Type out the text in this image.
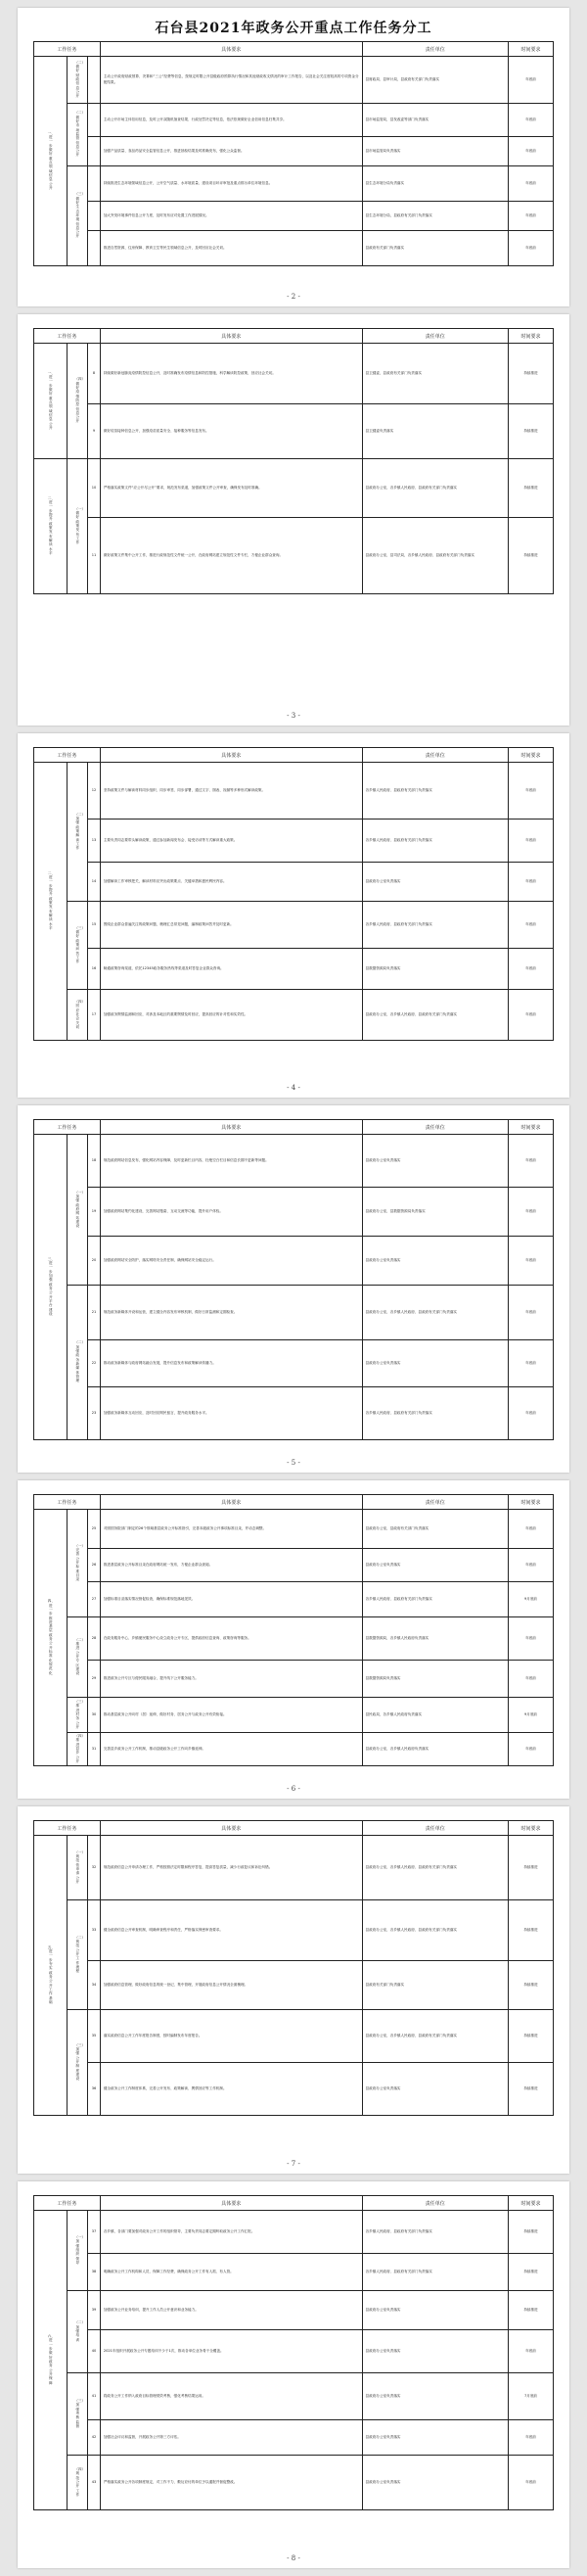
石台县2021年政务公开重点工作任务分工
工作任务			具体要求	责任单位	时间要求
一、进一步做好重点领域信息公开	（二）做好财政信息公开		主动公开政府财政预算、决算和“三公”经费等信息，按规定时限公开县级政府预算执行情况和其他财政收支情况的审计工作报告，以及社会关注度较高的专项资金分配结果。	县财政局、县审计局，县政府有关部门负责落实	年底前
	（二）做好市场监管信息公开		主动公开市场主体信用信息，及时公开双随机抽查结果、行政处罚决定等信息，依法依规做好企业信用信息归集共享。	县市场监管局，县发改委等部门负责落实	年底前
			加强产品质量、食品药品安全监管信息公开，推进抽检结果及时准确发布，强化公众监督。	县市场监管局负责落实	年底前
	（三）做好生态环境信息公开		持续推进生态环境领域信息公开，公开空气质量、水环境质量、建设项目环评审批及重点排污单位环境信息。	县生态环境分局负责落实	年底前
			加大突发环境事件信息公开力度，及时发布应对处置工作进展情况。	县生态环境分局，县政府有关部门负责落实	年底前
			推进自然资源、住房保障、教育卫生等民生领域信息公开，及时回应社会关切。	县政府有关部门负责落实	年底前
- 2 -
工作任务			具体要求	责任单位	时间要求
一、进一步做好重点领域信息公开	（四）做好疫情防控信息公开	8	持续做好新冠肺炎疫情防控信息公开，及时准确发布疫情信息和防控措施，科学解读防控政策，回应社会关切。	县卫健委，县政府有关部门负责落实	持续推进
		9	做好疫苗接种信息公开，加强疫苗质量安全、接种服务等信息发布。	县卫健委负责落实	持续推进
二、进一步提升政策发布解读水平	（一）做好政策发布工作	10	严格落实政策文件“应公开尽公开”要求，规范发布渠道，加强政策文件公开审查，确保发布及时准确。	县政府办公室，各乡镇人民政府、县政府有关部门负责落实	持续推进
		11	做好政策文件集中公开工作，推进行政规范性文件统一公开，在政府网站建立规范性文件专栏，方便企业群众查询。	县政府办公室，县司法局，各乡镇人民政府、县政府有关部门负责落实	持续推进
- 3 -
工作任务			具体要求	责任单位	时间要求
二、进一步提升政策发布解读水平	（二）加强政策解读工作	12	坚持政策文件与解读材料同步组织、同步审签、同步部署，通过文字、图表、视频等多种形式解读政策。	各乡镇人民政府、县政府有关部门负责落实	年底前
		13	主要负责同志要带头解读政策，通过参加新闻发布会、接受访谈等方式解读重大政策。	各乡镇人民政府、县政府有关部门负责落实	年底前
		14	加强解读工作审核把关，解读材料应突出政策要点、关键举措和惠民利民内容。	县政府办公室负责落实	年底前
	（三）做好政策问答工作	15	围绕企业群众普遍关注的政策问题，梳理汇总常见问题，编制政策问答并及时更新。	各乡镇人民政府、县政府有关部门负责落实	年底前
		16	畅通政策咨询渠道，依托12345政务服务热线等渠道及时答复企业群众咨询。	县数据资源局负责落实	年底前
	（四）回应社会关切	17	加强政务舆情监测和回应，对涉及本地区的重要舆情及时回应，提高回应的针对性和实效性。	县政府办公室，各乡镇人民政府、县政府有关部门负责落实	年底前
- 4 -
工作任务			具体要求	责任单位	时间要求
三、进一步加强政务公开平台建设	（一）加强政府网站建设	18	规范政府网站信息发布，强化网站内容保障，及时更新栏目内容，杜绝空白栏目和信息长期不更新等问题。	县政府办公室负责落实	年底前
		19	加强政府网站集约化建设，完善网站搜索、互动交流等功能，提升用户体验。	县政府办公室，县数据资源局负责落实	年底前
		20	加强政府网站安全防护，落实网络安全责任制，确保网站安全稳定运行。	县政府办公室负责落实	年底前
	（二）加强政务新媒体管理	21	规范政务新媒体开设和运营，建立健全内容发布审核机制，做好日常监测和定期检查。	县政府办公室，各乡镇人民政府、县政府有关部门负责落实	年底前
		22	推动政务新媒体与政府网站融合发展，提升信息发布和政策解读传播力。	县政府办公室负责落实	年底前
		23	加强政务新媒体互动回应，及时回应网民留言，提升政务服务水平。	各乡镇人民政府、县政府有关部门负责落实	年底前
- 5 -
工作任务			具体要求	责任单位	时间要求
四、进一步推进基层政务公开标准化规范化	（一）完善公开标准目录	25	对照国务院部门制定的26个领域基层政务公开标准指引，完善本级政务公开事项标准目录，并动态调整。	县政府办公室，县政府有关部门负责落实	年底前
		26	推进基层政务公开标准目录在政府网站统一发布，方便企业群众查阅。	县政府办公室负责落实	年底前
		27	加强标准目录落实情况督促检查，确保标准规范落地见效。	各乡镇人民政府、县政府有关部门负责落实	9月底前
	（二）推进公开专区建设	28	在政务服务中心、乡镇便民服务中心设立政务公开专区，提供政府信息查询、政策咨询等服务。	县数据资源局，各乡镇人民政府负责落实	年底前
		29	推进政务公开专区与便民服务融合，提升线下公开服务能力。	县数据资源局负责落实	年底前
	（三）推进村务公开	30	推动基层政务公开向村（居）延伸，做好村务、居务公开与政务公开有效衔接。	县民政局，各乡镇人民政府负责落实	9月底前
	（四）推进县乡公开	31	完善县乡政务公开工作机制，推动县级政务公开工作向乡镇延伸。	县政府办公室，各乡镇人民政府负责落实	年底前
- 6 -
工作任务			具体要求	责任单位	时间要求
五、进一步夯实政务公开工作基础	（一）规范依申请公开	32	规范政府信息公开申请办理工作，严格按照法定时限和程序答复，提高答复质量，减少行政复议和诉讼纠错。	县政府办公室，各乡镇人民政府、县政府有关部门负责落实	持续推进
	（二）规范公开工作流程	33	健全政府信息公开审查机制，明确审查程序和责任，严格落实保密审查要求。	县政府办公室，各乡镇人民政府、县政府有关部门负责落实	持续推进
		34	加强政府信息管理，做好政府信息的统一登记、集中管理，开展政府信息公开情况全面梳理。	县政府有关部门负责落实	持续推进
	（三）加强公开制度建设	35	落实政府信息公开工作年度报告制度，按时编制发布年度报告。	县政府办公室，各乡镇人民政府、县政府有关部门负责落实	持续推进
		36	健全政务公开工作制度体系，完善公开发布、政策解读、舆情回应等工作机制。	县政府办公室负责落实	持续推进
- 7 -
工作任务			具体要求	责任单位	时间要求
六、进一步做好政务公开保障	（一）加强组织领导	37	各乡镇、各部门要加强对政务公开工作的组织领导，主要负责同志要定期听取政务公开工作汇报。	各乡镇人民政府、县政府有关部门负责落实	持续推进
		38	明确政务公开工作机构和人员，保障工作经费，确保政务公开工作有人抓、有人管。	各乡镇人民政府、县政府有关部门负责落实	持续推进
	（二）加强培训	39	加强政务公开业务培训，提升工作人员公开意识和业务能力。	县政府办公室负责落实	持续推进
		40	2021年组织开展政务公开专题培训不少于1次，推动各单位业务骨干全覆盖。	县政府办公室负责落实	年底前
	（三）加强考核监督	41	将政务公开工作纳入政府目标管理绩效考核，强化考核结果运用。	县政府办公室负责落实	7月底前
		42	加强社会评议和监督，开展政务公开第三方评估。	县政府办公室负责落实	年底前
	（四）规范公开工作	43	严格落实政务公开各项制度规定，对工作不力、敷衍应付的单位予以通报并督促整改。	县政府办公室负责落实	年底前
- 8 -
